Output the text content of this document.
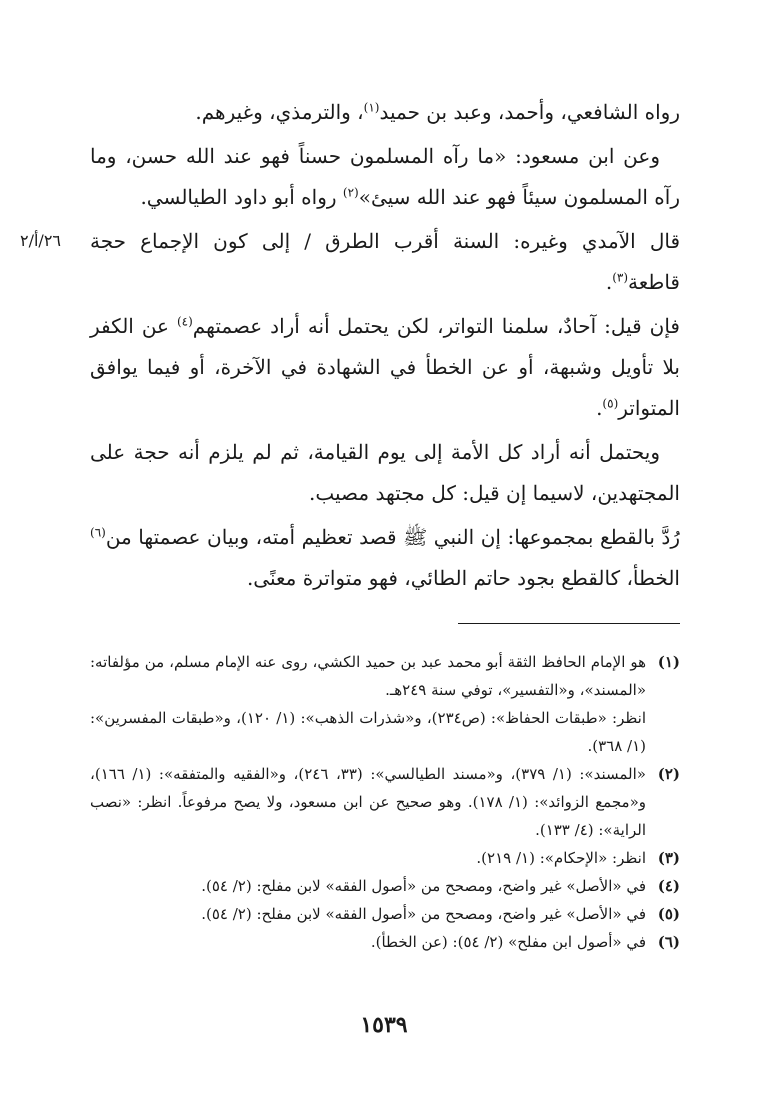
رواه الشافعي، وأحمد، وعبد بن حميد$^{(١)}$، والترمذي، وغيرهم.

وعن ابن مسعود: «ما رآه المسلمون حسناً فهو عند الله حسن، وما رآه المسلمون سيئاً فهو عند الله سيئ»$^{(٢)}$ رواه أبو داود الطيالسي.

قال الآمدي وغيره: السنة أقرب الطرق / إلى كون الإجماع حجة قاطعة$^{(٣)}$.

فإن قيل: آحادٌ، سلمنا التواتر، لكن يحتمل أنه أراد عصمتهم$^{(٤)}$ عن الكفر بلا تأويل وشبهة، أو عن الخطأ في الشهادة في الآخرة، أو فيما يوافق المتواتر$^{(٥)}$.

ويحتمل أنه أراد كل الأمة إلى يوم القيامة، ثم لم يلزم أنه حجة على المجتهدين، لاسيما إن قيل: كل مجتهد مصيب.

رُدَّ بالقطع بمجموعها: إن النبي ﷺ قصد تعظيم أمته، وبيان عصمتها من$^{(٦)}$ الخطأ، كالقطع بجود حاتم الطائي، فهو متواترة معنًى.

٢٦/أ/٢
(١)

هو الإمام الحافظ الثقة أبو محمد عبد بن حميد الكشي، روى عنه الإمام مسلم، من مؤلفاته: «المسند»، و«التفسير»، توفي سنة ٢٤٩هـ.

انظر: «طبقات الحفاظ»: (ص٢٣٤)، و«شذرات الذهب»: (١/ ١٢٠)، و«طبقات المفسرين»: (١/ ٣٦٨).

(٢)

«المسند»: (١/ ٣٧٩)، و«مسند الطيالسي»: (٣٣، ٢٤٦)، و«الفقيه والمتفقه»: (١/ ١٦٦)، و«مجمع الزوائد»: (١/ ١٧٨). وهو صحيح عن ابن مسعود، ولا يصح مرفوعاً. انظر: «نصب الراية»: (٤/ ١٣٣).

(٣)

انظر: «الإحكام»: (١/ ٢١٩).

(٤)

في «الأصل» غير واضح، ومصحح من «أصول الفقه» لابن مفلح: (٢/ ٥٤).

(٥)

في «الأصل» غير واضح، ومصحح من «أصول الفقه» لابن مفلح: (٢/ ٥٤).

(٦)

في «أصول ابن مفلح» (٢/ ٥٤): (عن الخطأ).

١٥٣٩
